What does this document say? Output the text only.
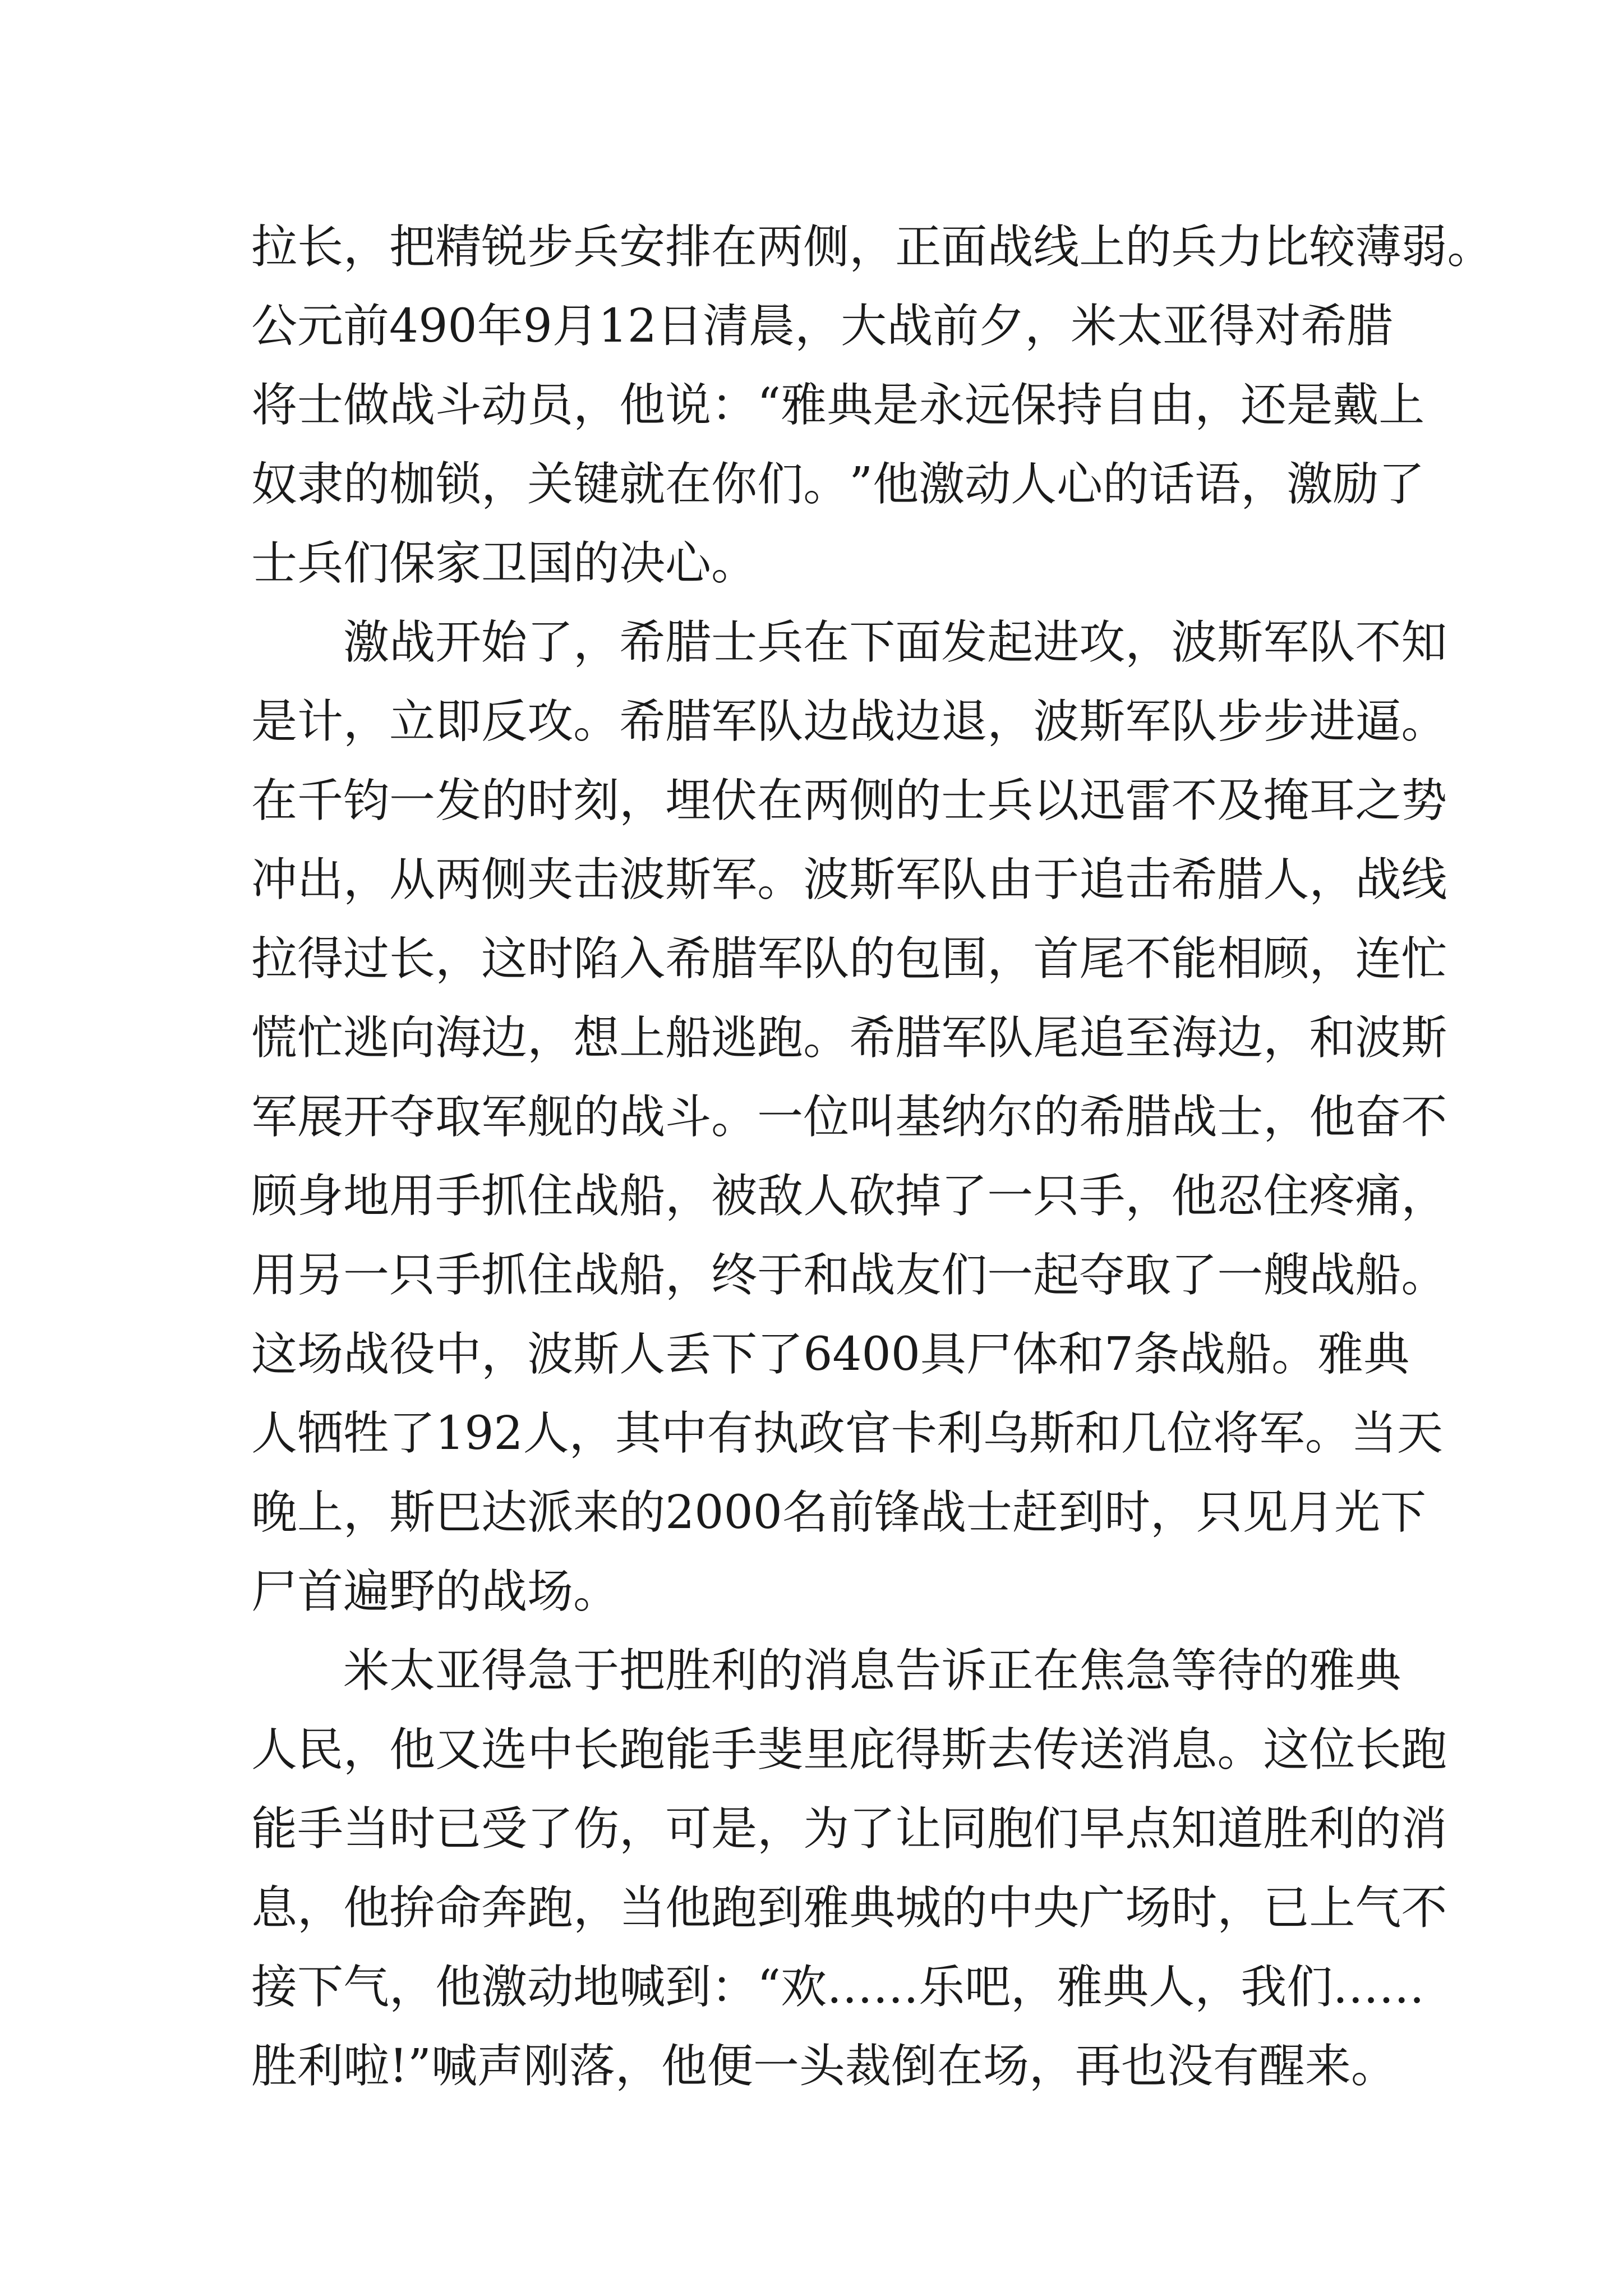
拉 长 ， 把 精 锐 步 兵 安 排 在 两 侧 ， 正 面 战 线 上 的 兵 力 比 较 薄 弱 。
公 元 前 490 年 9 月 12 日 清 晨 ， 大 战 前 夕 ， 米 太 亚 得 对 希 腊
将 士 做 战 斗 动 员 ， 他 说 ： “ 雅 典 是 永 远 保 持 自 由 ， 还 是 戴 上
奴 隶 的 枷 锁 ， 关 键 就 在 你 们 。 ” 他 激 动 人 心 的 话 语 ， 激 励 了
士兵们保家卫国的决心。
激 战 开 始 了 ， 希 腊 士 兵 在 下 面 发 起 进 攻 ， 波 斯 军 队 不 知
是 计 ， 立 即 反 攻 。 希 腊 军 队 边 战 边 退 ， 波 斯 军 队 步 步 进 逼 。
在 千 钧 一 发 的 时 刻 ， 埋 伏 在 两 侧 的 士 兵 以 迅 雷 不 及 掩 耳 之 势
冲 出 ， 从 两 侧 夹 击 波 斯 军 。 波 斯 军 队 由 于 追 击 希 腊 人 ， 战 线
拉 得 过 长 ， 这 时 陷 入 希 腊 军 队 的 包 围 ， 首 尾 不 能 相 顾 ， 连 忙
慌 忙 逃 向 海 边 ， 想 上 船 逃 跑 。 希 腊 军 队 尾 追 至 海 边 ， 和 波 斯
军 展 开 夺 取 军 舰 的 战 斗 。 一 位 叫 基 纳 尔 的 希 腊 战 士 ， 他 奋 不
顾 身 地 用 手 抓 住 战 船 ， 被 敌 人 砍 掉 了 一 只 手 ， 他 忍 住 疼 痛 ，
用 另 一 只 手 抓 住 战 船 ， 终 于 和 战 友 们 一 起 夺 取 了 一 艘 战 船 。
这 场 战 役 中 ， 波 斯 人 丢 下 了 6400 具 尸 体 和 7 条 战 船 。 雅 典
人 牺 牲 了 192 人 ， 其 中 有 执 政 官 卡 利 乌 斯 和 几 位 将 军 。 当 天
晚 上 ， 斯 巴 达 派 来 的 2000 名 前 锋 战 士 赶 到 时 ， 只 见 月 光 下
尸首遍野的战场。
米 太 亚 得 急 于 把 胜 利 的 消 息 告 诉 正 在 焦 急 等 待 的 雅 典
人 民 ， 他 又 选 中 长 跑 能 手 斐 里 庇 得 斯 去 传 送 消 息 。 这 位 长 跑
能 手 当 时 已 受 了 伤 ， 可 是 ， 为 了 让 同 胞 们 早 点 知 道 胜 利 的 消
息 ， 他 拚 命 奔 跑 ， 当 他 跑 到 雅 典 城 的 中 央 广 场 时 ， 已 上 气 不
接 下 气 ， 他 激 动 地 喊 到 ： “ 欢 … … 乐 吧 ， 雅 典 人 ， 我 们 … …
胜利啦!”喊声刚落，他便一头裁倒在场，再也没有醒来。
